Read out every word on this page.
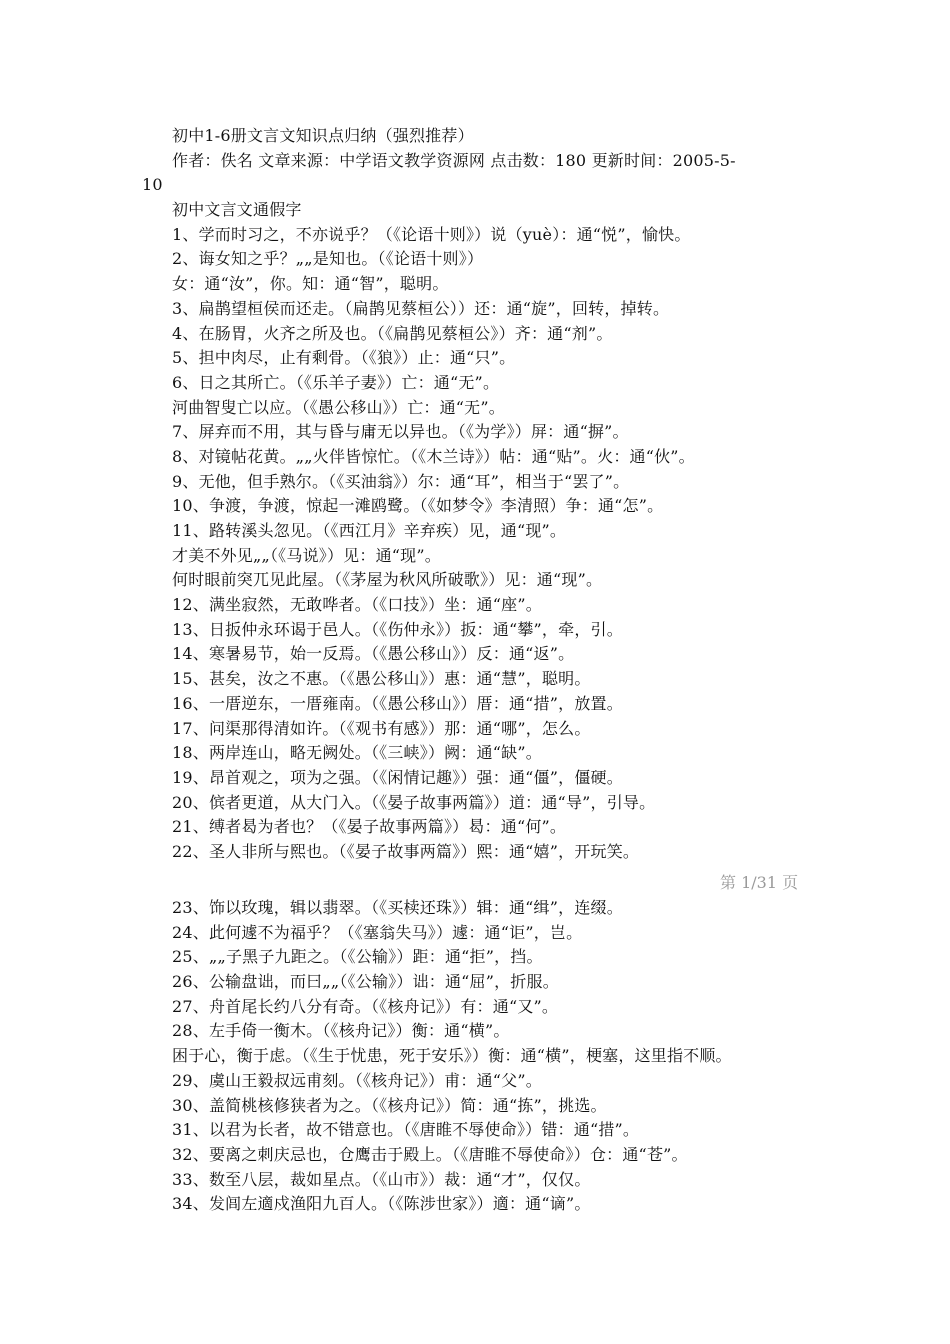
初中1-6册文言文知识点归纳（强烈推荐）
作者：佚名 文章来源：中学语文教学资源网 点击数：180 更新时间：2005-5-
10
初中文言文通假字
1、学而时习之，不亦说乎？（《论语十则》）说（yuè）：通“悦”，愉快。
2、诲女知之乎？„„是知也。（《论语十则》）
女：通“汝”，你。知：通“智”，聪明。
3、扁鹊望桓侯而还走。（扁鹊见蔡桓公））还：通“旋”，回转，掉转。
4、在肠胃，火齐之所及也。（《扁鹊见蔡桓公》）齐：通“剂”。
5、担中肉尽，止有剩骨。（《狼》）止：通“只”。
6、日之其所亡。（《乐羊子妻》）亡：通“无”。
河曲智叟亡以应。（《愚公移山》）亡：通“无”。
7、屏弃而不用，其与昏与庸无以异也。（《为学》）屏：通“摒”。
8、对镜帖花黄。„„火伴皆惊忙。（《木兰诗》）帖：通“贴”。火：通“伙”。
9、无他，但手熟尔。（《买油翁》）尔：通“耳”，相当于“罢了”。
10、争渡，争渡，惊起一滩鸥鹭。（《如梦令》李清照）争：通“怎”。
11、路转溪头忽见。（《西江月》辛弃疾）见，通“现”。
才美不外见„„（《马说》）见：通“现”。
何时眼前突兀见此屋。（《茅屋为秋风所破歌》）见：通“现”。
12、满坐寂然，无敢哗者。（《口技》）坐：通“座”。
13、日扳仲永环谒于邑人。（《伤仲永》）扳：通“攀”，牵，引。
14、寒暑易节，始一反焉。（《愚公移山》）反：通“返”。
15、甚矣，汝之不惠。（《愚公移山》）惠：通“慧”，聪明。
16、一厝逆东，一厝雍南。（《愚公移山》）厝：通“措”，放置。
17、问渠那得清如许。（《观书有感》）那：通“哪”，怎么。
18、两岸连山，略无阙处。（《三峡》）阙：通“缺”。
19、昂首观之，项为之强。（《闲情记趣》）强：通“僵”，僵硬。
20、傧者更道，从大门入。（《晏子故事两篇》）道：通“导”，引导。
21、缚者曷为者也？（《晏子故事两篇》）曷：通“何”。
22、圣人非所与熙也。（《晏子故事两篇》）熙：通“嬉”，开玩笑。
第 1/31 页
23、饰以玫瑰，辑以翡翠。（《买椟还珠》）辑：通“缉”，连缀。
24、此何遽不为福乎？（《塞翁失马》）遽：通“讵”，岂。
25、„„子黑子九距之。（《公输》）距：通“拒”，挡。
26、公输盘诎，而曰„„（《公输》）诎：通“屈”，折服。
27、舟首尾长约八分有奇。（《核舟记》）有：通“又”。
28、左手倚一衡木。（《核舟记》）衡：通“横”。
困于心，衡于虑。（《生于忧患，死于安乐》）衡：通“横”，梗塞，这里指不顺。
29、虞山王毅叔远甫刻。（《核舟记》）甫：通“父”。
30、盖简桃核修狭者为之。（《核舟记》）简：通“拣”，挑选。
31、以君为长者，故不错意也。（《唐睢不辱使命》）错：通“措”。
32、要离之刺庆忌也，仓鹰击于殿上。（《唐睢不辱使命》）仓：通“苍”。
33、数至八层，裁如星点。（《山市》）裁：通“才”，仅仅。
34、发闾左適戍渔阳九百人。（《陈涉世家》）適：通“谪”。
